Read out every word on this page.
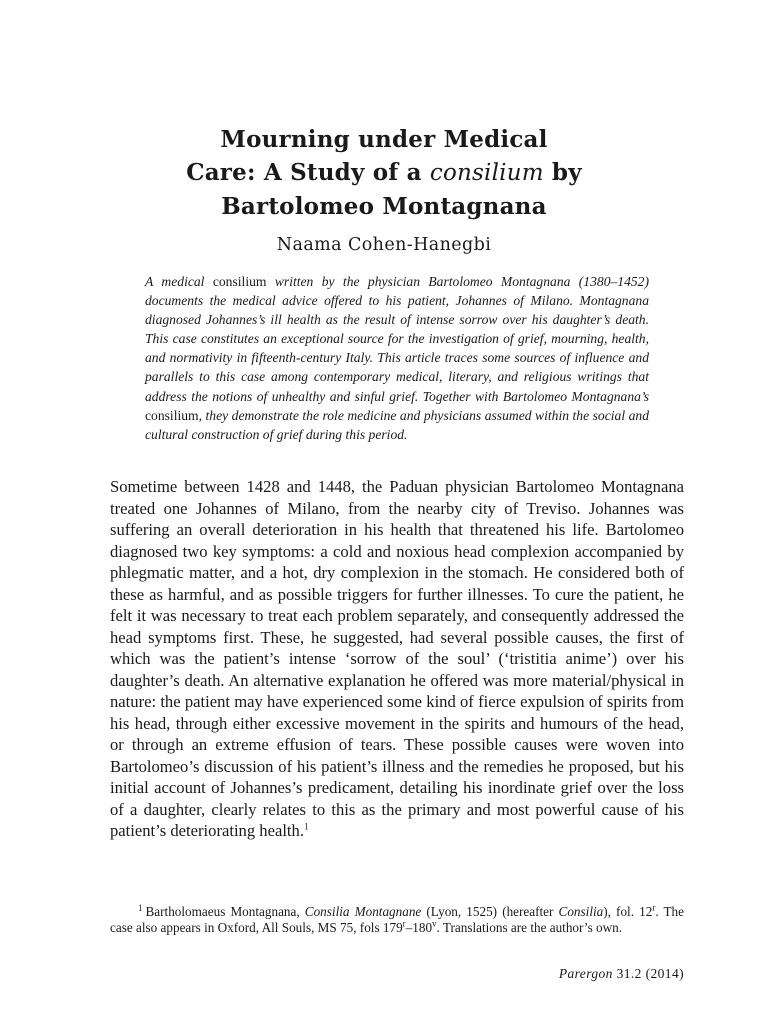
Mourning under Medical
Care: A Study of a consilium by
Bartolomeo Montagnana
Naama Cohen-Hanegbi

A medical consilium written by the physician Bartolomeo Montagnana (1380–1452) documents the medical advice offered to his patient, Johannes of Milano. Montagnana diagnosed Johannes’s ill health as the result of intense sorrow over his daughter’s death. This case constitutes an exceptional source for the investigation of grief, mourning, health, and normativity in fifteenth-century Italy. This article traces some sources of influence and parallels to this case among contemporary medical, literary, and religious writings that address the notions of unhealthy and sinful grief. Together with Bartolomeo Montagnana’s consilium, they demonstrate the role medicine and physicians assumed within the social and cultural construction of grief during this period.

Sometime between 1428 and 1448, the Paduan physician Bartolomeo Montagnana treated one Johannes of Milano, from the nearby city of Treviso. Johannes was suffering an overall deterioration in his health that threatened his life. Bartolomeo diagnosed two key symptoms: a cold and noxious head complexion accompanied by phlegmatic matter, and a hot, dry complexion in the stomach. He considered both of these as harmful, and as possible triggers for further illnesses. To cure the patient, he felt it was necessary to treat each problem separately, and consequently addressed the head symptoms first. These, he suggested, had several possible causes, the first of which was the patient’s intense ‘sorrow of the soul’ (‘tristitia anime’) over his daughter’s death. An alternative explanation he offered was more material/physical in nature: the patient may have experienced some kind of fierce expulsion of spirits from his head, through either excessive movement in the spirits and humours of the head, or through an extreme effusion of tears. These possible causes were woven into Bartolomeo’s discussion of his patient’s illness and the remedies he proposed, but his initial account of Johannes’s predicament, detailing his inordinate grief over the loss of a daughter, clearly relates to this as the primary and most powerful cause of his patient’s deteriorating health.$^1$

$^1$ Bartholomaeus Montagnana, Consilia Montagnane (Lyon, 1525) (hereafter Consilia), fol. 12$^r$. The case also appears in Oxford, All Souls, MS 75, fols 179$^r$–180$^v$. Translations are the author’s own.

Parergon 31.2 (2014)
